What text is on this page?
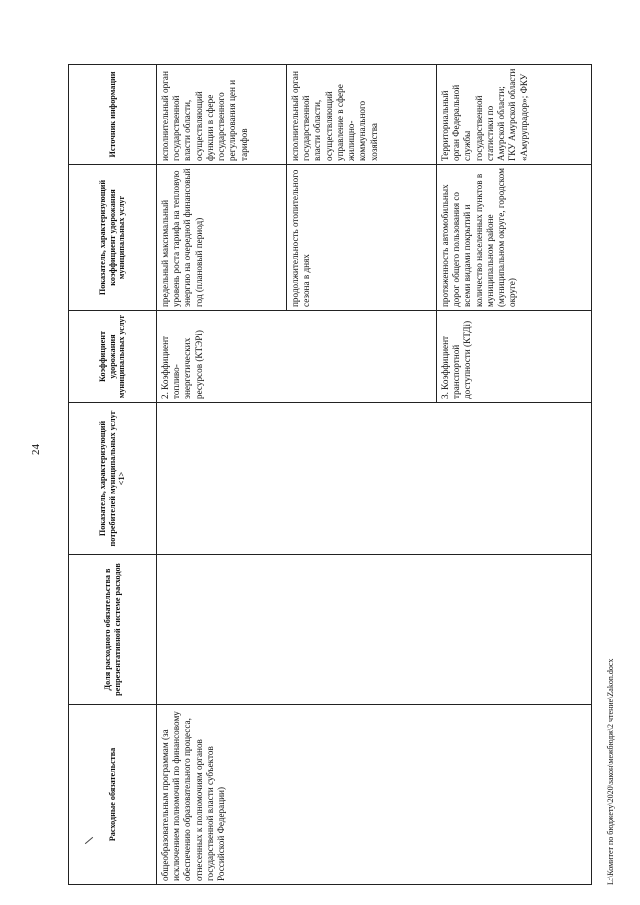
24
Расходные обязательства	Доля расходного обязательства в репрезентативной системе расходов	Показатель, характеризующий потребителей муниципальных услуг <1>	Коэффициент удорожания муниципальных услуг	Показатель, характеризующий коэффициент удорожания муниципальных услуг	Источник информации
общеобразовательным программам (за исключением полномочий по финансовому обеспечению образовательного процесса, отнесенных к полномочиям органов государственной власти субъектов Российской Федерации)			2. Коэффициент топливо-энергетических ресурсов (КТЭРi)	предельный максимальный уровень роста тарифа на тепловую энергию на очередной финансовый год (плановый период)	исполнительный орган государственной власти области, осуществляющий функции в сфере государственного регулирования цен и тарифов
				продолжительность отопительного сезона в днях	исполнительный орган государственной власти области, осуществляющий управление в сфере жилищно-коммунального хозяйства
			3. Коэффициент транспортной доступности (КТДi)	протяженность автомобильных дорог общего пользования со всеми видами покрытий и количество населенных пунктов в муниципальном районе (муниципальном округе, городском округе)	Территориальный орган Федеральной службы государственной статистики по Амурской области; ГКУ Амурской области «Амурупрадор»; ФКУ
L:\Комитет по бюджету\2020\закон\межбюдж\2 чтение\Zakon.docx
